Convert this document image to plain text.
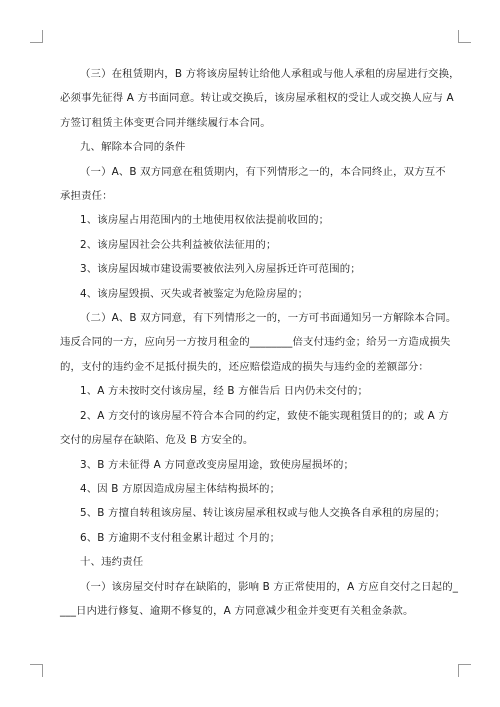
（三）在租赁期内，B 方将该房屋转让给他人承租或与他人承租的房屋进行交换，
必须事先征得 A 方书面同意。转让或交换后，该房屋承租权的受让人或交换人应与 A
方签订租赁主体变更合同并继续履行本合同。

九、解除本合同的条件

（一）A、B 双方同意在租赁期内，有下列情形之一的，本合同终止，双方互不
承担责任：

1、该房屋占用范围内的土地使用权依法提前收回的；
2、该房屋因社会公共利益被依法征用的；
3、该房屋因城市建设需要被依法列入房屋拆迁许可范围的；
4、该房屋毁损、灭失或者被鉴定为危险房屋的；

（二）A、B 双方同意，有下列情形之一的，一方可书面通知另一方解除本合同。
违反合同的一方，应向另一方按月租金的________倍支付违约金；给另一方造成损失
的，支付的违约金不足抵付损失的，还应赔偿造成的损失与违约金的差额部分：

1、A 方未按时交付该房屋，经 B 方催告后 日内仍未交付的；
2、A 方交付的该房屋不符合本合同的约定，致使不能实现租赁目的的；或 A 方
交付的房屋存在缺陷、危及 B 方安全的。
3、B 方未征得 A 方同意改变房屋用途，致使房屋损坏的；
4、因 B 方原因造成房屋主体结构损坏的；
5、B 方擅自转租该房屋、转让该房屋承租权或与他人交换各自承租的房屋的；
6、B 方逾期不支付租金累计超过 个月的；

十、违约责任

（一）该房屋交付时存在缺陷的，影响 B 方正常使用的，A 方应自交付之日起的_
___日内进行修复、逾期不修复的，A 方同意减少租金并变更有关租金条款。
